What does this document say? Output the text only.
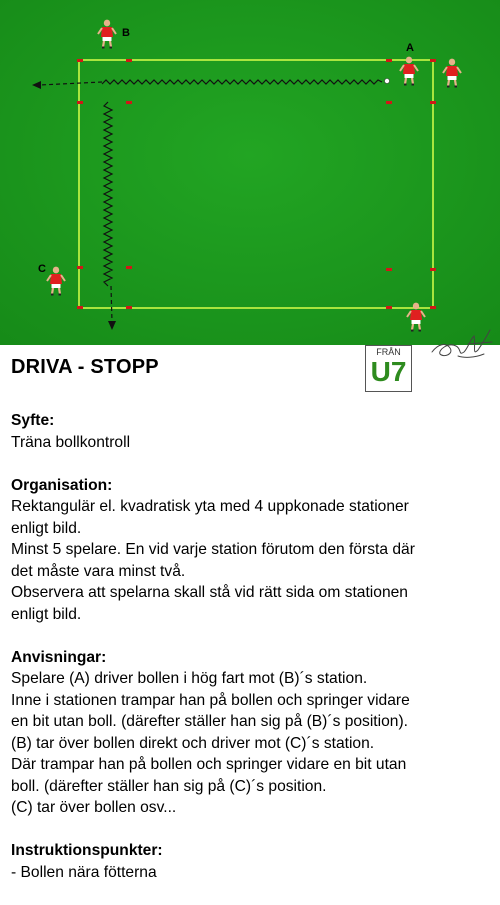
B
A
C
DRIVA - STOPP
FRÅN
U7
Syfte:

Träna bollkontroll

Organisation:

Rektangulär el. kvadratisk yta med 4 uppkonade stationer

enligt bild.

Minst 5 spelare. En vid varje station förutom den första där

det måste vara minst två.

Observera att spelarna skall stå vid rätt sida om stationen

enligt bild.

Anvisningar:

Spelare (A) driver bollen i hög fart mot (B)´s station.

Inne i stationen trampar han på bollen och springer vidare

en bit utan boll. (därefter ställer han sig på (B)´s position).

(B) tar över bollen direkt och driver mot (C)´s station.

Där trampar han på bollen och springer vidare en bit utan

boll. (därefter ställer han sig på (C)´s position.

(C) tar över bollen osv...

Instruktionspunkter:

- Bollen nära fötterna
